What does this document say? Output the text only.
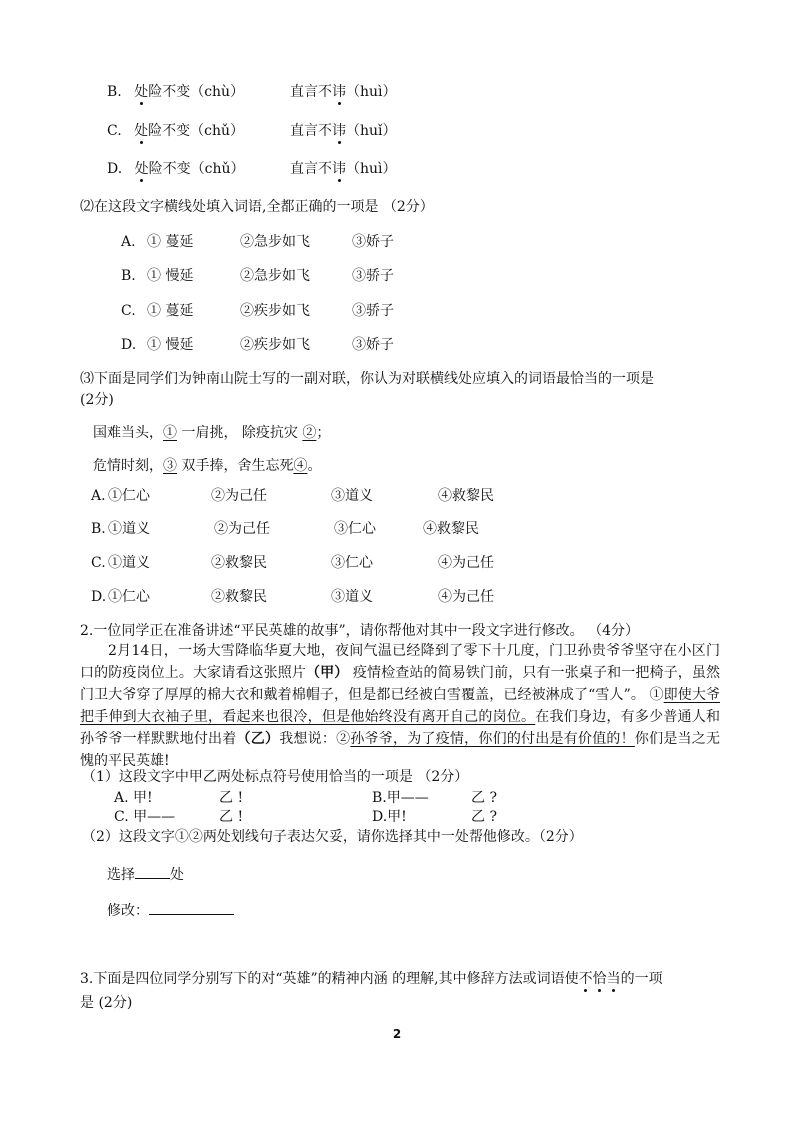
B. 处险不变（chù）	直言不讳（huì）
C. 处险不变（chǔ）	直言不讳（huǐ）
D. 处险不变（chǔ）	直言不讳（huì）
⑵在这段文字横线处填入词语,全都正确的一项是 （2分）
A. ① 蔓延	②急步如飞	③娇子
B. ① 慢延	②急步如飞	③骄子
C. ① 蔓延	②疾步如飞	③骄子
D. ① 慢延	②疾步如飞	③娇子
⑶下面是同学们为钟南山院士写的一副对联，你认为对联横线处应填入的词语最恰当的一项是
(2分)
国难当头，① 一肩挑， 除疫抗灾 ②；
危情时刻，③ 双手捧，舍生忘死④。
A. ①仁心	②为己任	③道义	④救黎民
B. ①道义	②为己任	③仁心	④救黎民
C. ①道义	②救黎民	③仁心	④为己任
D. ①仁心	②救黎民	③道义	④为己任
2.一位同学正在准备讲述“平民英雄的故事”，请你帮他对其中一段文字进行修改。 （4分）
2月14日，一场大雪降临华夏大地，夜间气温已经降到了零下十几度，门卫孙贵爷爷坚守在小区门口的防疫岗位上。大家请看这张照片（甲） 疫情检查站的简易铁门前，只有一张桌子和一把椅子，虽然门卫大爷穿了厚厚的棉大衣和戴着棉帽子，但是都已经被白雪覆盖，已经被淋成了“雪人”。 ①即使大爷把手伸到大衣袖子里，看起来也很冷，但是他始终没有离开自己的岗位。在我们身边，有多少普通人和孙爷爷一样默默地付出着（乙）我想说：②孙爷爷，为了疫情，你们的付出是有价值的！你们是当之无愧的平民英雄!
（1）这段文字中甲乙两处标点符号使用恰当的一项是 （2分）
A. 甲!	乙 !	B.甲——	乙 ?
C. 甲——	乙 !	D.甲!	乙 ?
（2）这段文字①②两处划线句子表达欠妥，请你选择其中一处帮他修改。（2分）
选择	处
修改：
3.下面是四位同学分别写下的对“英雄”的精神内涵 的理解,其中修辞方法或词语使不恰当的一项
是 (2分)
2
